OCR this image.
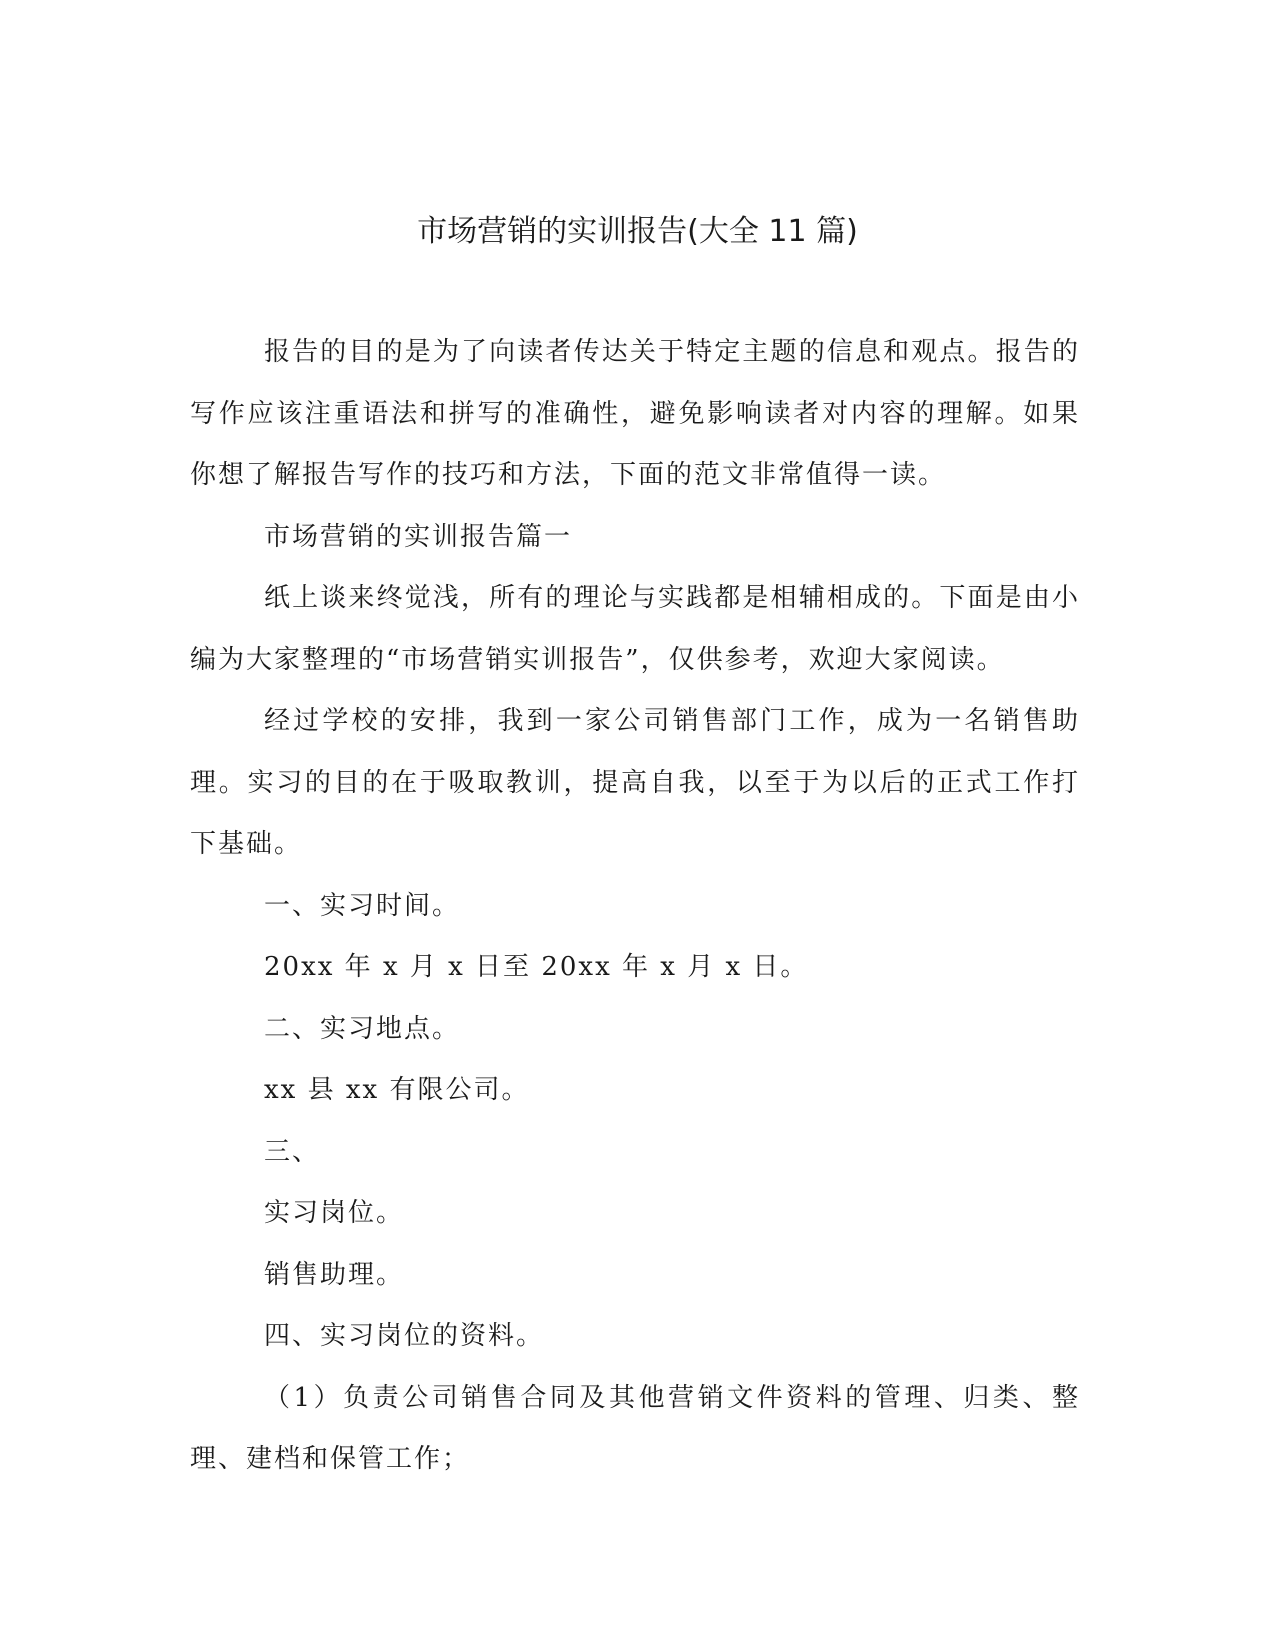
市场营销的实训报告(大全 11 篇)

报告的目的是为了向读者传达关于特定主题的信息和观点。报告的写作应该注重语法和拼写的准确性，避免影响读者对内容的理解。如果你想了解报告写作的技巧和方法，下面的范文非常值得一读。

市场营销的实训报告篇一

纸上谈来终觉浅，所有的理论与实践都是相辅相成的。下面是由小编为大家整理的“市场营销实训报告”，仅供参考，欢迎大家阅读。

经过学校的安排，我到一家公司销售部门工作，成为一名销售助理。实习的目的在于吸取教训，提高自我，以至于为以后的正式工作打下基础。

一、实习时间。

20xx 年 x 月 x 日至 20xx 年 x 月 x 日。

二、实习地点。

xx 县 xx 有限公司。

三、

实习岗位。

销售助理。

四、实习岗位的资料。

（1）负责公司销售合同及其他营销文件资料的管理、归类、整理、建档和保管工作；
